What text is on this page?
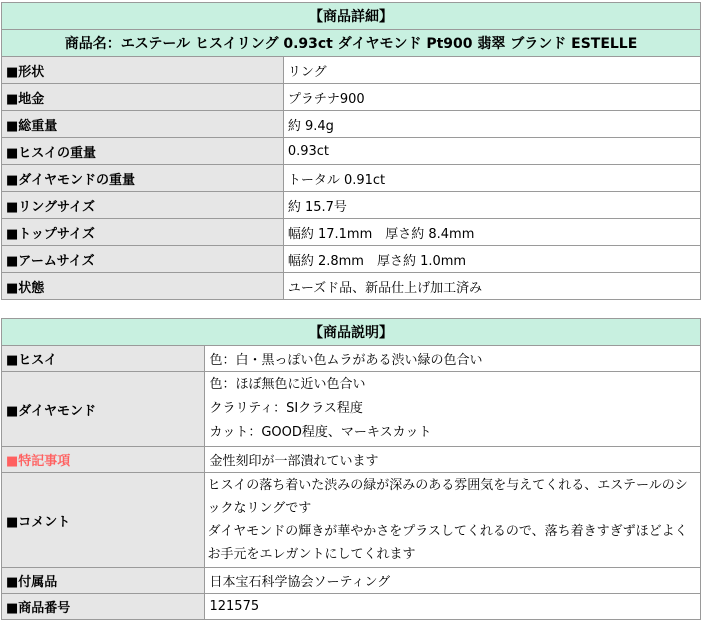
【商品詳細】	
商品名：エステール ヒスイリング 0.93ct ダイヤモンド Pt900 翡翠 ブランド ESTELLE	
■形状	リング
■地金	プラチナ900
■総重量	約 9.4g
■ヒスイの重量	0.93ct
■ダイヤモンドの重量	トータル 0.91ct
■リングサイズ	約 15.7号
■トップサイズ	幅約 17.1mm　厚さ約 8.4mm
■アームサイズ	幅約 2.8mm　厚さ約 1.0mm
■状態	ユーズド品、新品仕上げ加工済み
【商品説明】	
■ヒスイ	色：白・黒っぽい色ムラがある渋い緑の色合い
■ダイヤモンド	色：ほぼ無色に近い色合い
クラリティ：SIクラス程度
カット：GOOD程度、マーキスカット

■特記事項	金性刻印が一部潰れています
■コメント	ヒスイの落ち着いた渋みの緑が深みのある雰囲気を与えてくれる、エステールのシックなリングです
ダイヤモンドの輝きが華やかさをプラスしてくれるので、落ち着きすぎずほどよくお手元をエレガントにしてくれます

■付属品	日本宝石科学協会ソーティング
■商品番号	121575
